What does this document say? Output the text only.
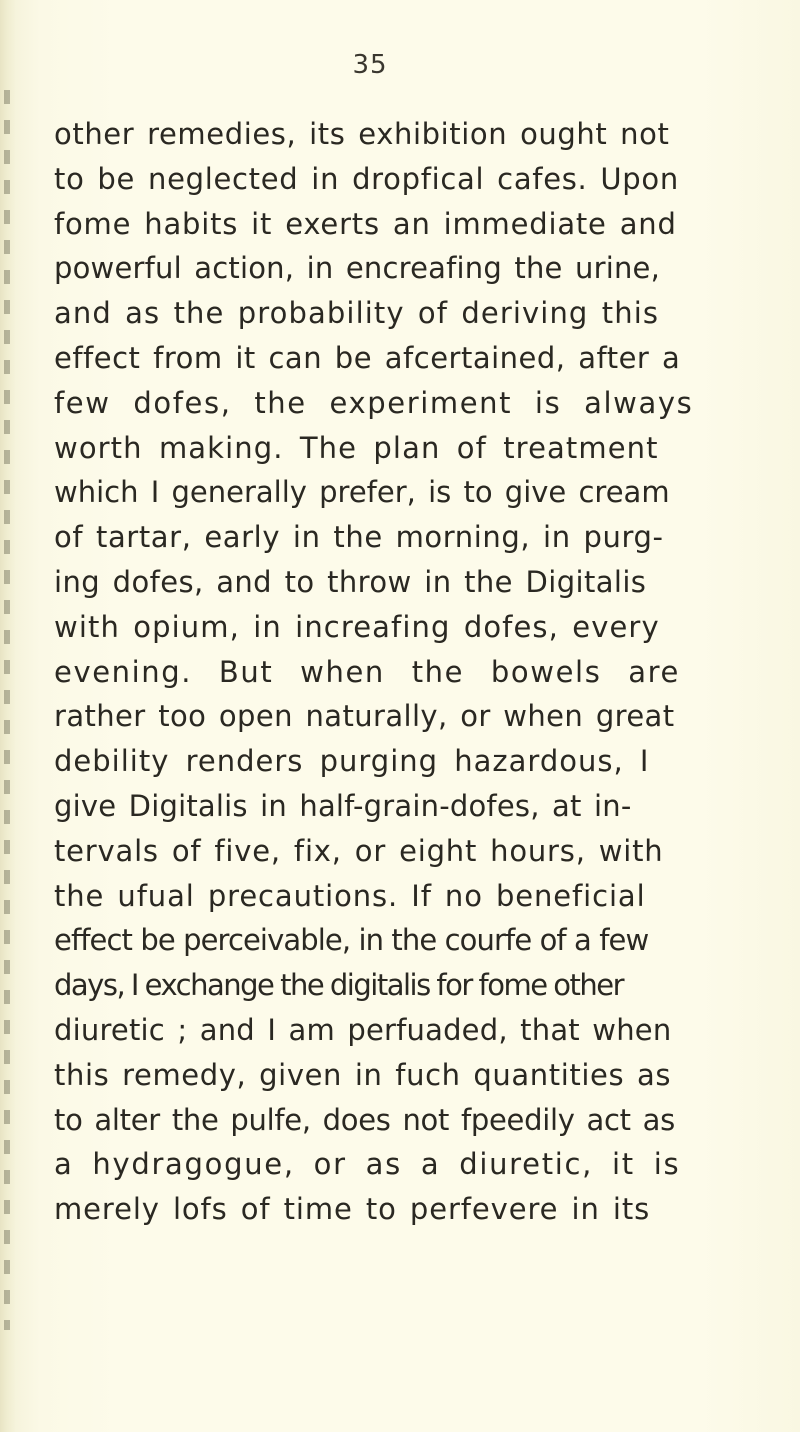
35
other remedies, its exhibition ought not
to be neglected in dropfical cafes. Upon
fome habits it exerts an immediate and
powerful action, in encreafing the urine,
and as the probability of deriving this
effect from it can be afcertained, after a
few dofes, the experiment is always
worth making. The plan of treatment
which I generally prefer, is to give cream
of tartar, early in the morning, in purg-
ing dofes, and to throw in the Digitalis
with opium, in increafing dofes, every
evening. But when the bowels are
rather too open naturally, or when great
debility renders purging hazardous, I
give Digitalis in half-grain-dofes, at in-
tervals of five, fix, or eight hours, with
the ufual precautions. If no beneficial
effect be perceivable, in the courfe of a few
days, I exchange the digitalis for fome other
diuretic ; and I am perfuaded, that when
this remedy, given in fuch quantities as
to alter the pulfe, does not fpeedily act as
a hydragogue, or as a diuretic, it is
merely lofs of time to perfevere in its
